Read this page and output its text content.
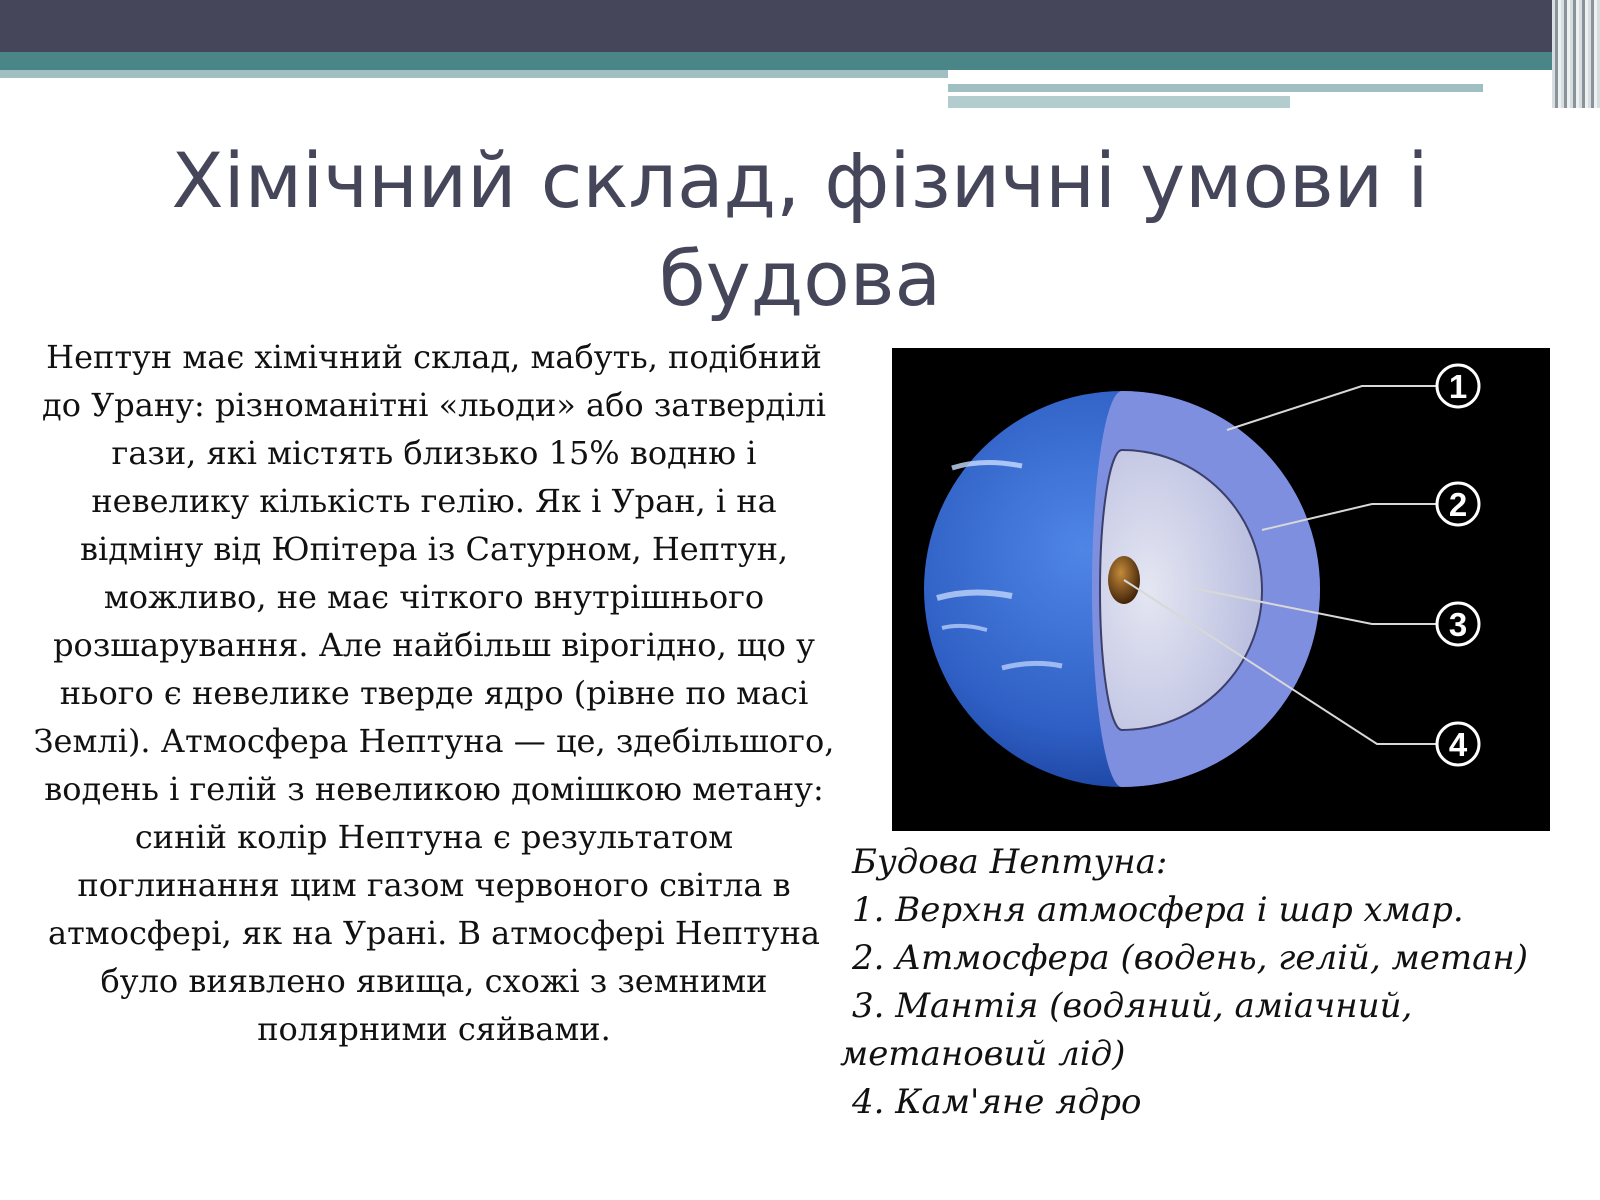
Хімічний склад, фізичні умови і будова

Нептун має хімічний склад, мабуть, подібний до Урану: різноманітні «льоди» або затверділі гази, які містять близько 15% водню і невелику кількість гелію. Як і Уран, і на відміну від Юпітера із Сатурном, Нептун, можливо, не має чіткого внутрішнього розшарування. Але найбільш вірогідно, що у нього є невелике тверде ядро (рівне по масі Землі). Атмосфера Нептуна — це, здебільшого, водень і гелій з невеликою домішкою метану: синій колір Нептуна є результатом поглинання цим газом червоного світла в атмосфері, як на Урані. В атмосфері Нептуна було виявлено явища, схожі з земними полярними сяйвами.

1
2
3
4
Будова Нептуна:
1. Верхня атмосфера і шар хмар.
2. Атмосфера (водень, гелій, метан)
3. Мантія (водяний, аміачний, метановий лід)
4. Кам'яне ядро
